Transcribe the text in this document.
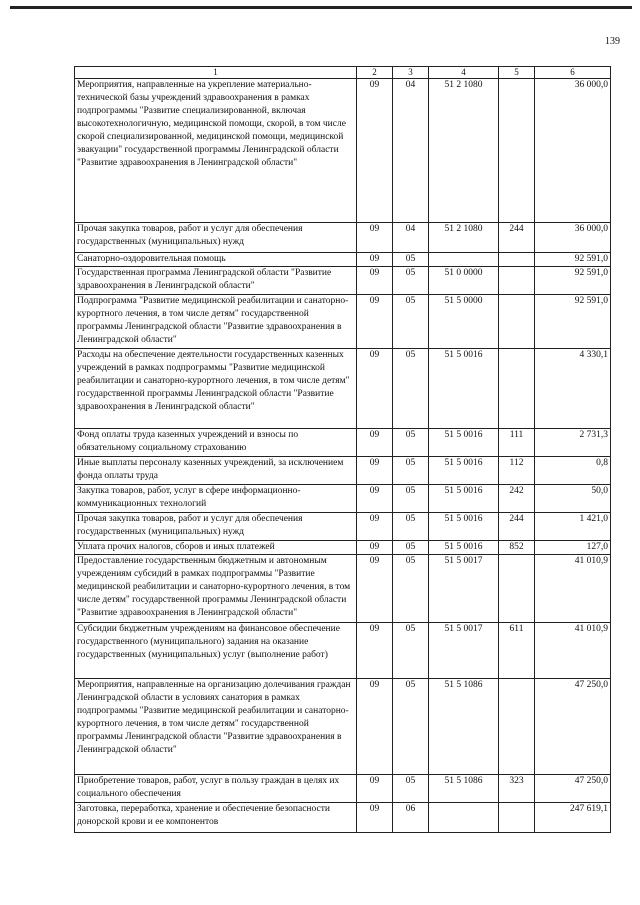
139
1	2	3	4	5	6
Мероприятия, направленные на укрепление материально-технической базы учреждений здравоохранения в рамках подпрограммы "Развитие специализированной, включая высокотехнологичную, медицинской помощи, скорой, в том числе скорой специализированной, медицинской помощи, медицинской эвакуации" государственной программы Ленинградской области "Развитие здравоохранения в Ленинградской области"	09	04	51 2 1080		36 000,0
Прочая закупка товаров, работ и услуг для обеспечения государственных (муниципальных) нужд	09	04	51 2 1080	244	36 000,0
Санаторно-оздоровительная помощь	09	05			92 591,0
Государственная программа Ленинградской области "Развитие здравоохранения в Ленинградской области"	09	05	51 0 0000		92 591,0
Подпрограмма "Развитие медицинской реабилитации и санаторно-курортного лечения, в том числе детям" государственной программы Ленинградской области "Развитие здравоохранения в Ленинградской области"	09	05	51 5 0000		92 591,0
Расходы на обеспечение деятельности государственных казенных учреждений в рамках подпрограммы "Развитие медицинской реабилитации и санаторно-курортного лечения, в том числе детям" государственной программы Ленинградской области "Развитие здравоохранения в Ленинградской области"	09	05	51 5 0016		4 330,1
Фонд оплаты труда казенных учреждений и взносы по обязательному социальному страхованию	09	05	51 5 0016	111	2 731,3
Иные выплаты персоналу казенных учреждений, за исключением фонда оплаты труда	09	05	51 5 0016	112	0,8
Закупка товаров, работ, услуг в сфере информационно-коммуникационных технологий	09	05	51 5 0016	242	50,0
Прочая закупка товаров, работ и услуг для обеспечения государственных (муниципальных) нужд	09	05	51 5 0016	244	1 421,0
Уплата прочих налогов, сборов и иных платежей	09	05	51 5 0016	852	127,0
Предоставление государственным бюджетным и автономным учреждениям субсидий в рамках подпрограммы "Развитие медицинской реабилитации и санаторно-курортного лечения, в том числе детям" государственной программы Ленинградской области "Развитие здравоохранения в Ленинградской области"	09	05	51 5 0017		41 010,9
Субсидии бюджетным учреждениям на финансовое обеспечение государственного (муниципального) задания на оказание государственных (муниципальных) услуг (выполнение работ)	09	05	51 5 0017	611	41 010,9
Мероприятия, направленные на организацию долечивания граждан Ленинградской области в условиях санатория в рамках подпрограммы "Развитие медицинской реабилитации и санаторно-курортного лечения, в том числе детям" государственной программы Ленинградской области "Развитие здравоохранения в Ленинградской области"	09	05	51 5 1086		47 250,0
Приобретение товаров, работ, услуг в пользу граждан в целях их социального обеспечения	09	05	51 5 1086	323	47 250,0
Заготовка, переработка, хранение и обеспечение безопасности донорской крови и ее компонентов	09	06			247 619,1
